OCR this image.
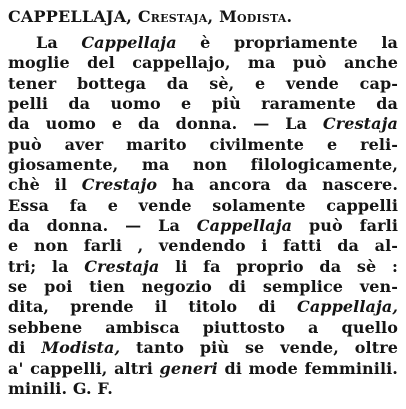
CAPPELLAJA, Crestaja, Modista.
La Cappellaja è propriamente la
moglie del cappellajo, ma può anche
tener bottega da sè, e vende cap-
pelli da uomo e più raramente da
da uomo e da donna. — La Crestaja
può aver marito civilmente e reli-
giosamente, ma non filologicamente,
chè il Crestajo ha ancora da nascere.
Essa fa e vende solamente cappelli
da donna. — La Cappellaja può farli
e non farli , vendendo i fatti da al-
tri; la Crestaja li fa proprio da sè :
se poi tien negozio di semplice ven-
dita, prende il titolo di Cappellaja,
sebbene ambisca piuttosto a quello
di Modista, tanto più se vende, oltre
a' cappelli, altri generi di mode femminili.
minili. G. F.
